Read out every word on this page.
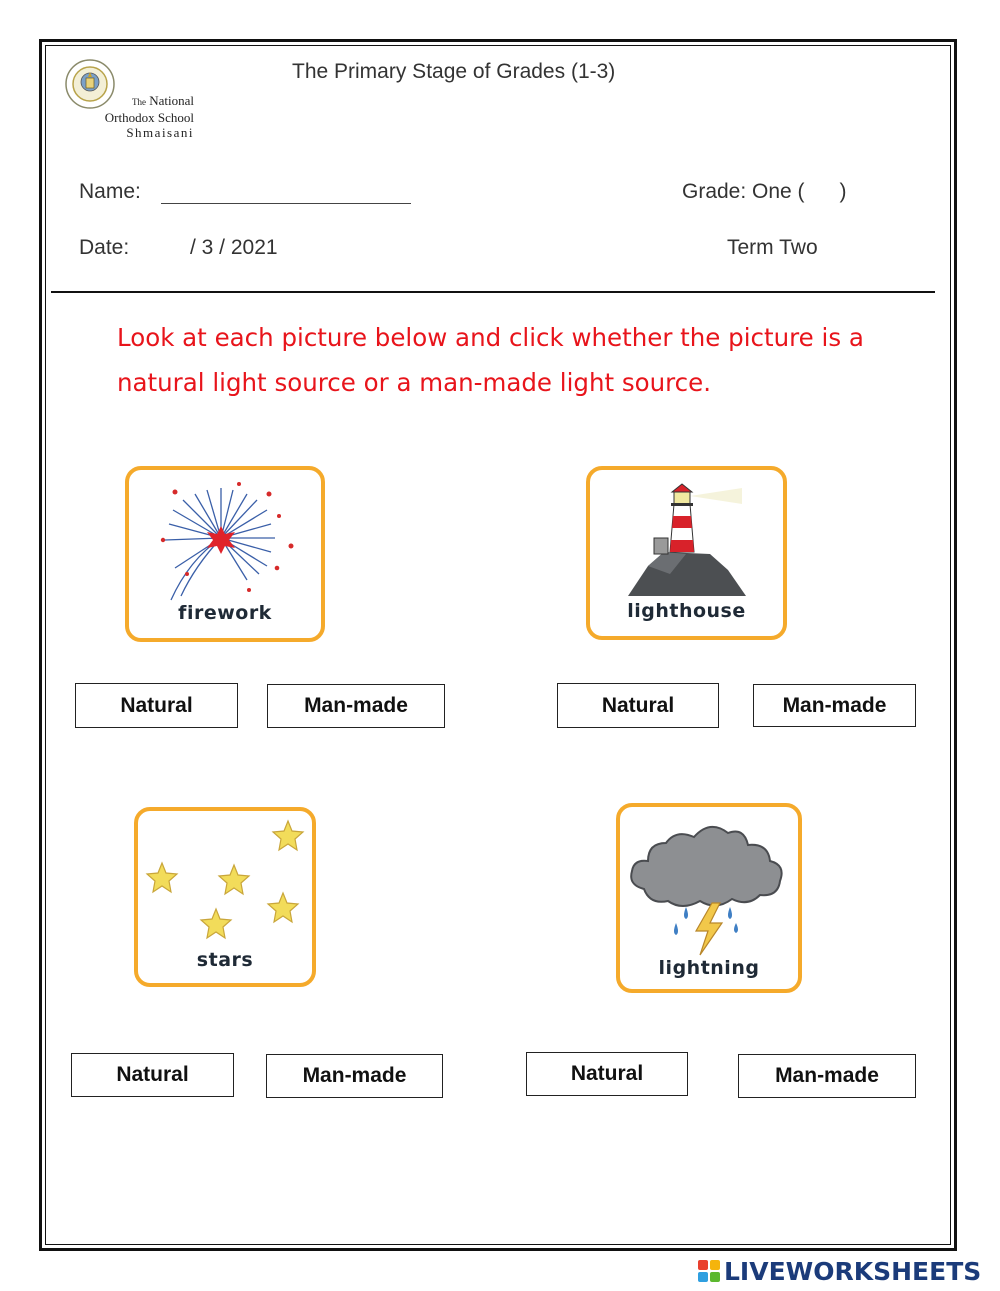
The National
Orthodox School
Shmaisani
The Primary Stage of Grades (1-3)
Name:	Grade: One (      )
Date:	/ 3 / 2021	Term Two
Look at each picture below and click whether the picture is a natural light source or a man-made light source.
firework
Natural	Man-made
lighthouse
Natural	Man-made
stars
Natural	Man-made
lightning
Natural	Man-made
LIVEWORKSHEETS
